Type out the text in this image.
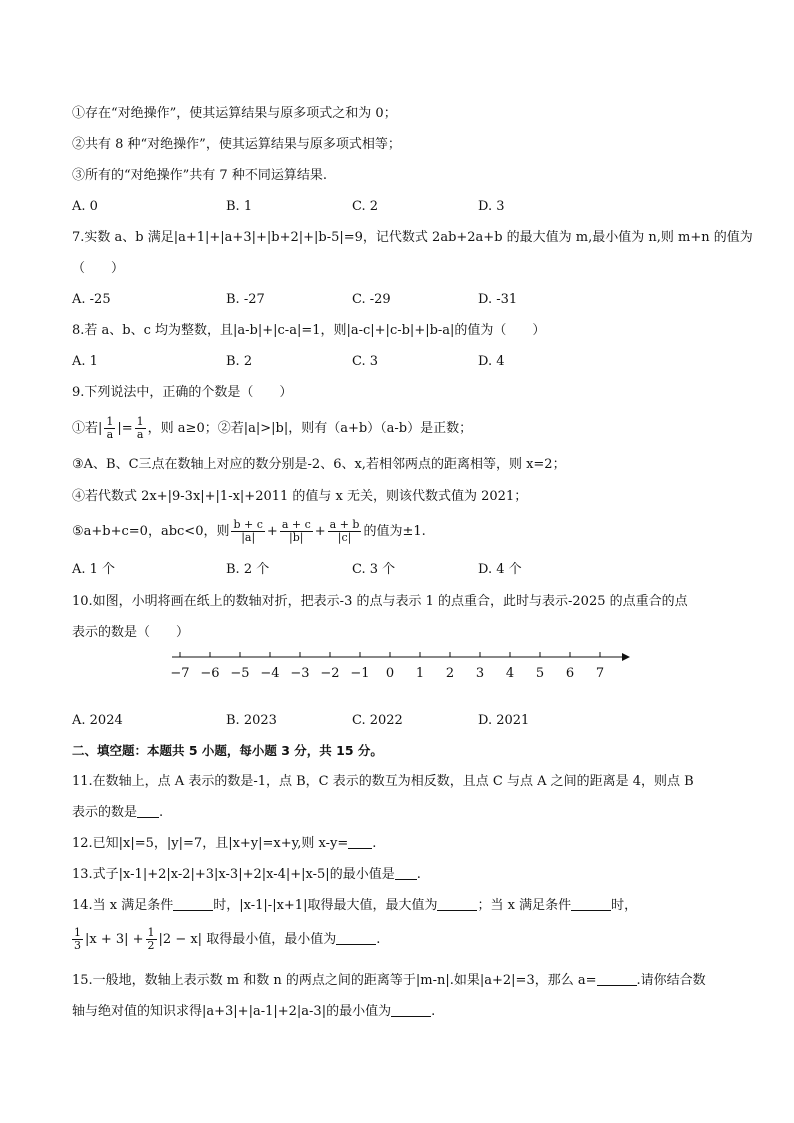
①存在“对绝操作”，使其运算结果与原多项式之和为 0；
②共有 8 种“对绝操作”，使其运算结果与原多项式相等；
③所有的“对绝操作”共有 7 种不同运算结果.
A. 0	B. 1	C. 2	D. 3
7.实数 a、b 满足|a+1|+|a+3|+|b+2|+|b-5|=9，记代数式 2ab+2a+b 的最大值为 m,最小值为 n,则 m+n 的值为
（　　）
A. -25	B. -27	C. -29	D. -31
8.若 a、b、c 均为整数，且|a-b|+|c-a|=1，则|a-c|+|c-b|+|b-a|的值为（　　）
A. 1	B. 2	C. 3	D. 4
9.下列说法中，正确的个数是（　　）
①若| $\frac{1}{a}$ |= $\frac{1}{a}$ ，则 a≥0；②若|a|>|b|，则有（a+b）（a-b）是正数；
③A、B、C三点在数轴上对应的数分别是-2、6、x,若相邻两点的距离相等，则 x=2；
④若代数式 2x+|9-3x|+|1-x|+2011 的值与 x 无关，则该代数式值为 2021；
⑤a+b+c=0，abc<0，则 $\frac{b + c}{|a|} + \frac{a + c}{|b|} + \frac{a + b}{|c|}$ 的值为±1.
A. 1 个	B. 2 个	C. 3 个	D. 4 个
10.如图，小明将画在纸上的数轴对折，把表示-3 的点与表示 1 的点重合，此时与表示-2025 的点重合的点
表示的数是（　　）
−7 −6 −5 −4 −3 −2 −1 0 1 2 3 4 5 6 7
A. 2024	B. 2023	C. 2022	D. 2021
二、填空题：本题共 5 小题，每小题 3 分，共 15 分。
11.在数轴上，点 A 表示的数是-1，点 B，C 表示的数互为相反数，且点 C 与点 A 之间的距离是 4，则点 B
表示的数是 .
12.已知|x|=5，|y|=7，且|x+y|=x+y,则 x-y= .
13.式子|x-1|+2|x-2|+3|x-3|+2|x-4|+|x-5|的最小值是 .
14.当 x 满足条件	时，|x-1|-|x+1|取得最大值，最大值为	；当 x 满足条件	时，
$\frac{1}{3} |x + 3| + \frac{1}{2} |2 - x|$ 取得最小值，最小值为	.
15.一般地，数轴上表示数 m 和数 n 的两点之间的距离等于|m-n|.如果|a+2|=3，那么 a=	.请你结合数
轴与绝对值的知识求得|a+3|+|a-1|+2|a-3|的最小值为	.
